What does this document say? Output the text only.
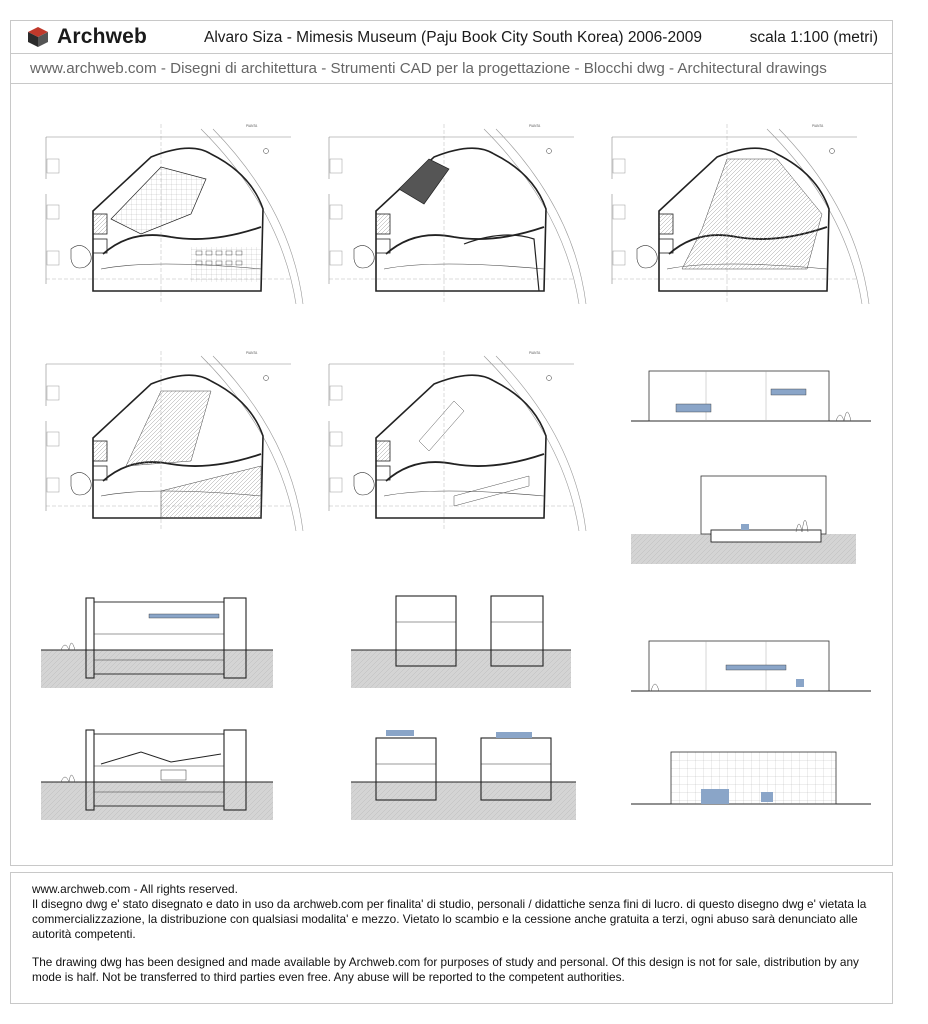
Archweb	Alvaro Siza - Mimesis Museum (Paju Book City South Korea) 2006-2009	scala 1:100 (metri)
www.archweb.com - Disegni di architettura - Strumenti CAD per la progettazione - Blocchi dwg - Architectural drawings
PIANTA
www.archweb.com - All rights reserved.
Il disegno dwg e' stato disegnato e dato in uso da archweb.com per finalita' di studio, personali / didattiche senza fini di lucro. di questo disegno dwg e' vietata la commercializzazione, la distribuzione con qualsiasi modalita' e mezzo. Vietato lo scambio e la cessione anche gratuita a terzi, ogni abuso sarà denunciato alle autorità competenti.
The drawing dwg has been designed and made available by Archweb.com for purposes of study and personal. Of this design is not for sale, distribution by any mode is half. Not be transferred to third parties even free. Any abuse will be reported to the competent authorities.
